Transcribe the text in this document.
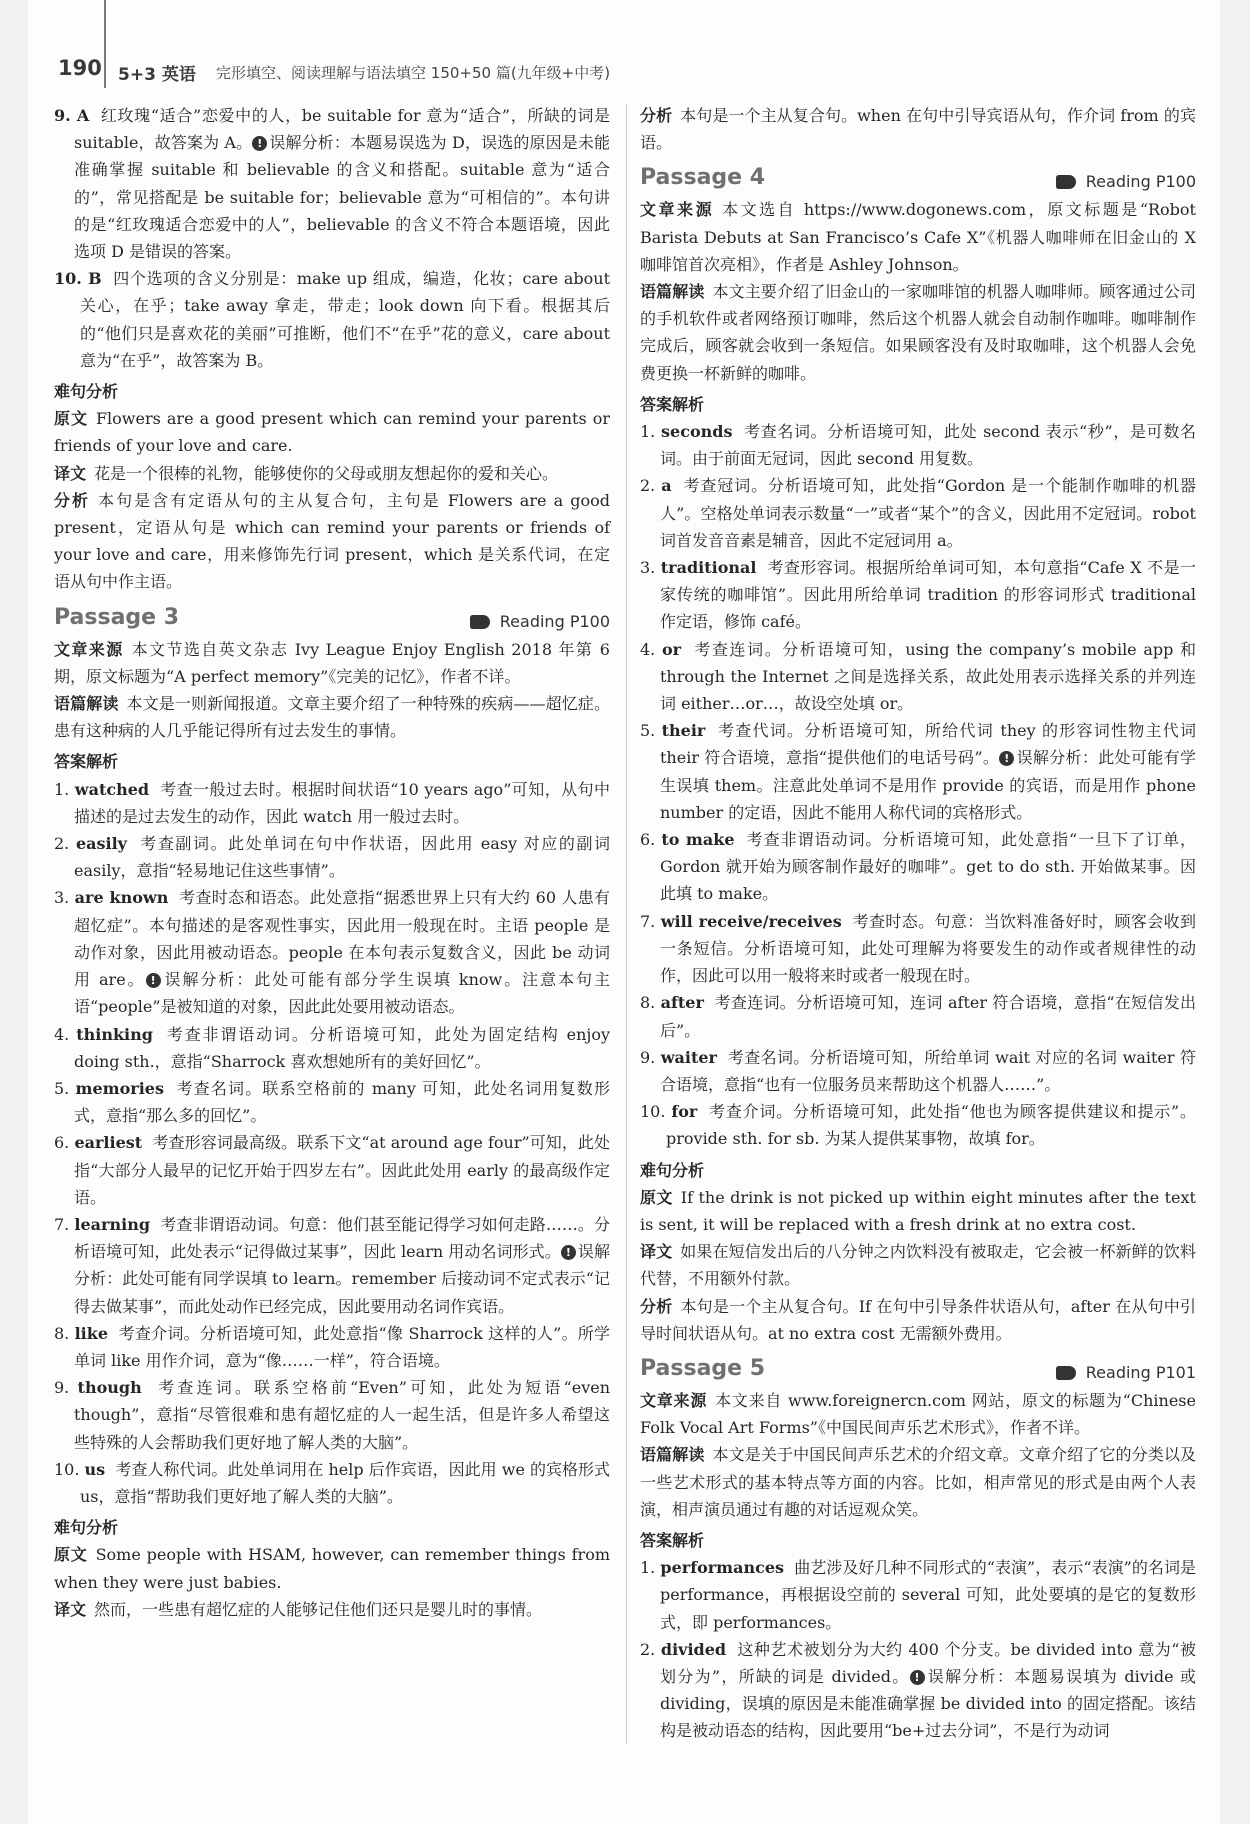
190 5+3 英语 完形填空、阅读理解与语法填空 150+50 篇(九年级+中考)

9. A 红玫瑰“适合”恋爱中的人，be suitable for 意为“适合”，所缺的词是 suitable，故答案为 A。 ! 误解分析：本题易误选为 D，误选的原因是未能准确掌握 suitable 和 believable 的含义和搭配。suitable 意为“适合的”，常见搭配是 be suitable for；believable 意为“可相信的”。本句讲的是“红玫瑰适合恋爱中的人”，believable 的含义不符合本题语境，因此选项 D 是错误的答案。

10. B 四个选项的含义分别是：make up 组成，编造，化妆；care about 关心，在乎；take away 拿走，带走；look down 向下看。根据其后的“他们只是喜欢花的美丽”可推断，他们不“在乎”花的意义，care about 意为“在乎”，故答案为 B。

难句分析

原文 Flowers are a good present which can remind your parents or friends of your love and care.

译文 花是一个很棒的礼物，能够使你的父母或朋友想起你的爱和关心。

分析 本句是含有定语从句的主从复合句，主句是 Flowers are a good present，定语从句是 which can remind your parents or friends of your love and care，用来修饰先行词 present，which 是关系代词，在定语从句中作主语。

Passage 3	Reading P100

文章来源 本文节选自英文杂志 Ivy League Enjoy English 2018 年第 6 期，原文标题为“A perfect memory”《完美的记忆》，作者不详。

语篇解读 本文是一则新闻报道。文章主要介绍了一种特殊的疾病——超忆症。患有这种病的人几乎能记得所有过去发生的事情。

答案解析

1. watched 考查一般过去时。根据时间状语“10 years ago”可知，从句中描述的是过去发生的动作，因此 watch 用一般过去时。

2. easily 考查副词。此处单词在句中作状语，因此用 easy 对应的副词 easily，意指“轻易地记住这些事情”。

3. are known 考查时态和语态。此处意指“据悉世界上只有大约 60 人患有超忆症”。本句描述的是客观性事实，因此用一般现在时。主语 people 是动作对象，因此用被动语态。people 在本句表示复数含义，因此 be 动词用 are。 ! 误解分析：此处可能有部分学生误填 know。注意本句主语“people”是被知道的对象，因此此处要用被动语态。

4. thinking 考查非谓语动词。分析语境可知，此处为固定结构 enjoy doing sth.，意指“Sharrock 喜欢想她所有的美好回忆”。

5. memories 考查名词。联系空格前的 many 可知，此处名词用复数形式，意指“那么多的回忆”。

6. earliest 考查形容词最高级。联系下文“at around age four”可知，此处指“大部分人最早的记忆开始于四岁左右”。因此此处用 early 的最高级作定语。

7. learning 考查非谓语动词。句意：他们甚至能记得学习如何走路……。分析语境可知，此处表示“记得做过某事”，因此 learn 用动名词形式。 ! 误解分析：此处可能有同学误填 to learn。remember 后接动词不定式表示“记得去做某事”，而此处动作已经完成，因此要用动名词作宾语。

8. like 考查介词。分析语境可知，此处意指“像 Sharrock 这样的人”。所学单词 like 用作介词，意为“像……一样”，符合语境。

9. though 考查连词。联系空格前“Even”可知，此处为短语“even though”，意指“尽管很难和患有超忆症的人一起生活，但是许多人希望这些特殊的人会帮助我们更好地了解人类的大脑”。

10. us 考查人称代词。此处单词用在 help 后作宾语，因此用 we 的宾格形式 us，意指“帮助我们更好地了解人类的大脑”。

难句分析

原文 Some people with HSAM, however, can remember things from when they were just babies.

译文 然而，一些患有超忆症的人能够记住他们还只是婴儿时的事情。

分析 本句是一个主从复合句。when 在句中引导宾语从句，作介词 from 的宾语。

Passage 4	Reading P100

文章来源 本文选自 https://www.dogonews.com，原文标题是“Robot Barista Debuts at San Francisco’s Cafe X”《机器人咖啡师在旧金山的 X 咖啡馆首次亮相》，作者是 Ashley Johnson。

语篇解读 本文主要介绍了旧金山的一家咖啡馆的机器人咖啡师。顾客通过公司的手机软件或者网络预订咖啡，然后这个机器人就会自动制作咖啡。咖啡制作完成后，顾客就会收到一条短信。如果顾客没有及时取咖啡，这个机器人会免费更换一杯新鲜的咖啡。

答案解析

1. seconds 考查名词。分析语境可知，此处 second 表示“秒”，是可数名词。由于前面无冠词，因此 second 用复数。

2. a 考查冠词。分析语境可知，此处指“Gordon 是一个能制作咖啡的机器人”。空格处单词表示数量“一”或者“某个”的含义，因此用不定冠词。robot 词首发音音素是辅音，因此不定冠词用 a。

3. traditional 考查形容词。根据所给单词可知，本句意指“Cafe X 不是一家传统的咖啡馆”。因此用所给单词 tradition 的形容词形式 traditional 作定语，修饰 café。

4. or 考查连词。分析语境可知，using the company’s mobile app 和 through the Internet 之间是选择关系，故此处用表示选择关系的并列连词 either…or…，故设空处填 or。

5. their 考查代词。分析语境可知，所给代词 they 的形容词性物主代词 their 符合语境，意指“提供他们的电话号码”。 ! 误解分析：此处可能有学生误填 them。注意此处单词不是用作 provide 的宾语，而是用作 phone number 的定语，因此不能用人称代词的宾格形式。

6. to make 考查非谓语动词。分析语境可知，此处意指“一旦下了订单，Gordon 就开始为顾客制作最好的咖啡”。get to do sth. 开始做某事。因此填 to make。

7. will receive/receives 考查时态。句意：当饮料准备好时，顾客会收到一条短信。分析语境可知，此处可理解为将要发生的动作或者规律性的动作，因此可以用一般将来时或者一般现在时。

8. after 考查连词。分析语境可知，连词 after 符合语境，意指“在短信发出后”。

9. waiter 考查名词。分析语境可知，所给单词 wait 对应的名词 waiter 符合语境，意指“也有一位服务员来帮助这个机器人……”。

10. for 考查介词。分析语境可知，此处指“他也为顾客提供建议和提示”。provide sth. for sb. 为某人提供某事物，故填 for。

难句分析

原文 If the drink is not picked up within eight minutes after the text is sent, it will be replaced with a fresh drink at no extra cost.

译文 如果在短信发出后的八分钟之内饮料没有被取走，它会被一杯新鲜的饮料代替，不用额外付款。

分析 本句是一个主从复合句。If 在句中引导条件状语从句，after 在从句中引导时间状语从句。at no extra cost 无需额外费用。

Passage 5	Reading P101

文章来源 本文来自 www.foreignercn.com 网站，原文的标题为“Chinese Folk Vocal Art Forms”《中国民间声乐艺术形式》，作者不详。

语篇解读 本文是关于中国民间声乐艺术的介绍文章。文章介绍了它的分类以及一些艺术形式的基本特点等方面的内容。比如，相声常见的形式是由两个人表演，相声演员通过有趣的对话逗观众笑。

答案解析

1. performances 曲艺涉及好几种不同形式的“表演”，表示“表演”的名词是 performance，再根据设空前的 several 可知，此处要填的是它的复数形式，即 performances。

2. divided 这种艺术被划分为大约 400 个分支。be divided into 意为“被划分为”，所缺的词是 divided。 ! 误解分析：本题易误填为 divide 或 dividing，误填的原因是未能准确掌握 be divided into 的固定搭配。该结构是被动语态的结构，因此要用“be+过去分词”，不是行为动词
